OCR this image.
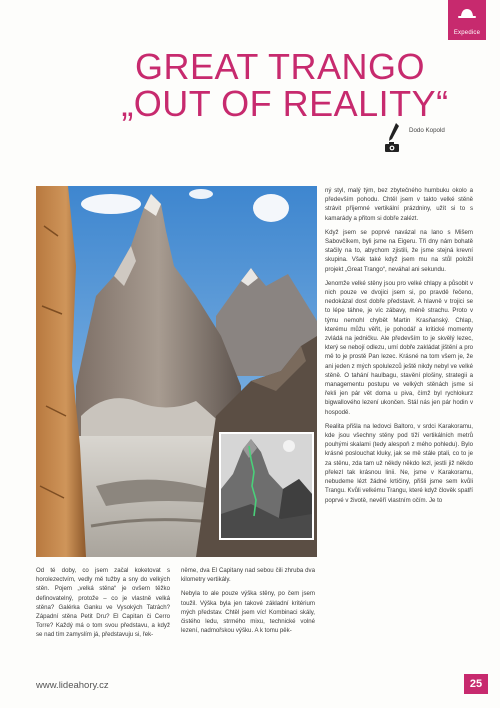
Expedice
GREAT TRANGO
„OUT OF REALITY“
Dodo Kopold

ný styl, malý tým, bez zbytečného humbuku okolo a především pohodu. Chtěl jsem v takto velké stěně strávit příjemné vertikální prázdniny, užít si to s kamarády a přitom si dobře zalézt.

Když jsem se poprvé navázal na lano s Mišem Sabovčíkem, byli jsme na Eigeru. Tři dny nám bohatě stačily na to, abychom zjistili, že jsme stejná krevní skupina. Však také když jsem mu na stůl položil projekt „Great Trango“, neváhal ani sekundu.

Jenomže velké stěny jsou pro velké chlapy a působit v nich pouze ve dvojici jsem si, po pravdě řečeno, nedokázal dost dobře představit. A hlavně v trojici se to lépe táhne, je víc zábavy, méně strachu. Proto v týmu nemohl chybět Martin Krasňanský. Chlap, kterému můžu věřit, je pohodář a kritické momenty zvládá na jedničku. Ale především to je skvělý lezec, který se nebojí odlezu, umí dobře zakládat jištění a pro mě to je prostě Pan lezec. Krásné na tom všem je, že ani jeden z mých spolulezců ještě nikdy nebyl ve velké stěně. O tahání haulbagu, stavění plošiny, strategii a managementu postupu ve velkých stěnách jsme si řekli jen pár vět doma u piva, čímž byl rychlokurz bigwallového lezení ukončen. Stál nás jen pár hodin v hospodě.

Realita přišla na ledovci Baltoro, v srdci Karakoramu, kde jsou všechny stěny pod tíží vertikálních metrů pouhými skalami (tedy alespoň z mého pohledu). Bylo krásné poslouchat kluky, jak se mě stále ptali, co to je za stěnu, zda tam už někdy někdo lezl, jestli již někdo přelezl tak krásnou linii. Ne, jsme v Karakoramu, nebudeme lézt žádné krtičiny, přišli jsme sem kvůli Trangu. Kvůli velkému Trangu, které když člověk spatří poprvé v životě, nevěří vlastním očím. Je to

Od té doby, co jsem začal koketovat s horolezectvím, vedly mě tužby a sny do velkých stěn. Pojem „velká stěna“ je ovšem těžko definovatelný, protože – co je vlastně velká stěna? Galérka Ganku ve Vysokých Tatrách? Západní stěna Petit Dru? El Capitan či Cerro Torre? Každý má o tom svou představu, a když se nad tím zamyslím já, představuju si, řek-

něme, dva El Capitany nad sebou čili zhruba dva kilometry vertikály.

Nebyla to ale pouze výška stěny, po čem jsem toužil. Výška byla jen takové základní kritérium mých představ. Chtěl jsem víc! Kombinaci skály, čistého ledu, strmého mixu, technické volné lezení, nadmořskou výšku. A k tomu pěk-

www.lideahory.cz	25
